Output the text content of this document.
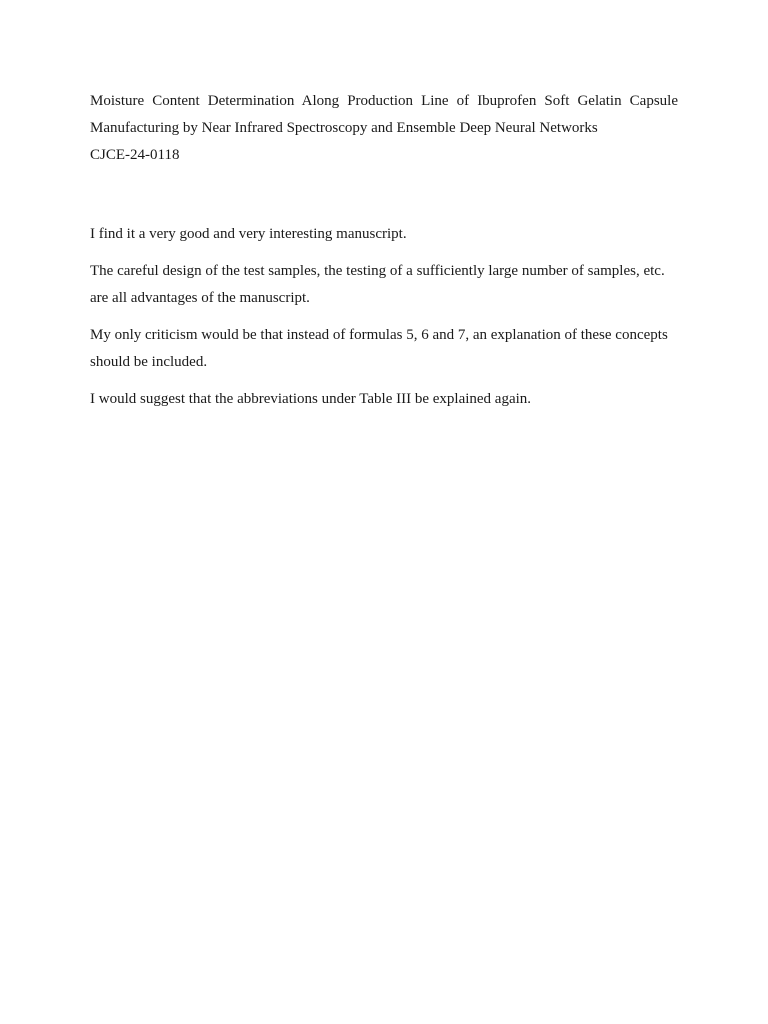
Moisture Content Determination Along Production Line of Ibuprofen Soft Gelatin Capsule Manufacturing by Near Infrared Spectroscopy and Ensemble Deep Neural Networks

CJCE-24-0118

I find it a very good and very interesting manuscript.

The careful design of the test samples, the testing of a sufficiently large number of samples, etc. are all advantages of the manuscript.

My only criticism would be that instead of formulas 5, 6 and 7, an explanation of these concepts should be included.

I would suggest that the abbreviations under Table III be explained again.
